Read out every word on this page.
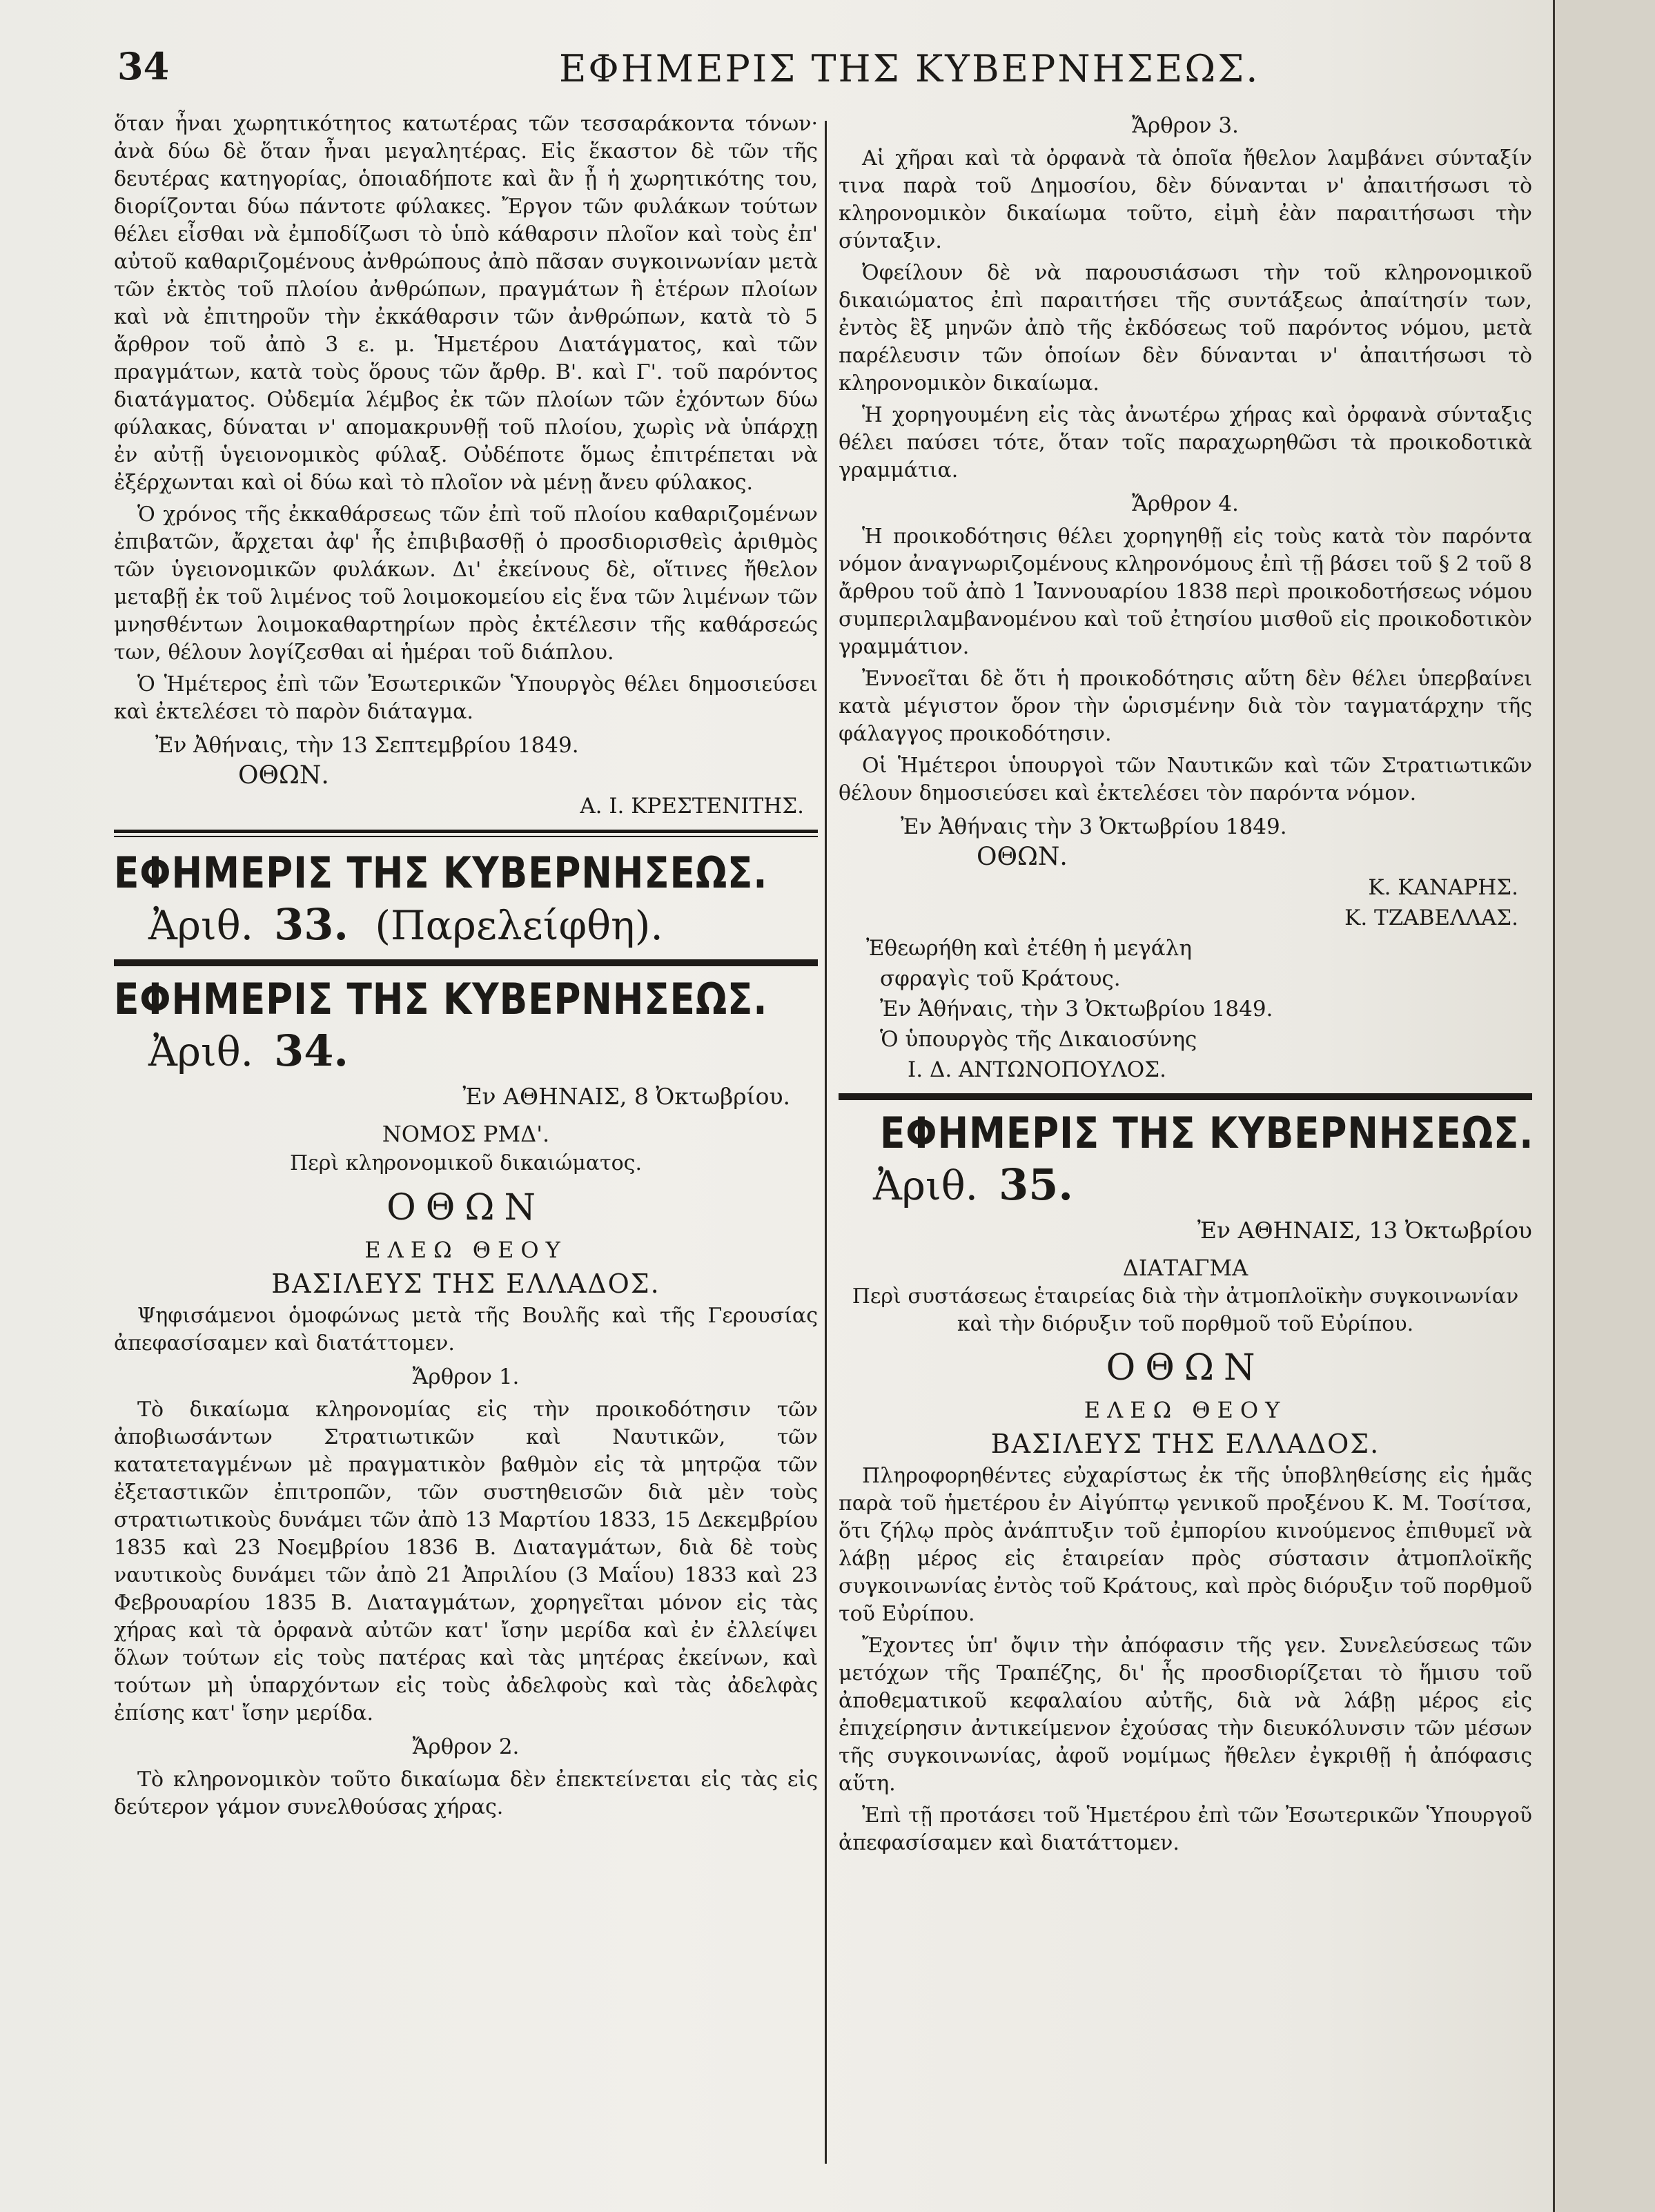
34	ΕΦΗΜΕΡΙΣ ΤΗΣ ΚΥΒΕΡΝΗΣΕΩΣ.

ὅταν ἦναι χωρητικότητος κατωτέρας τῶν τεσσαράκοντα τόνων· ἀνὰ δύω δὲ ὅταν ἦναι μεγαλητέρας. Εἰς ἕκαστον δὲ τῶν τῆς δευτέρας κατηγορίας, ὁποιαδήποτε καὶ ἂν ᾖ ἡ χωρητικότης του, διορίζονται δύω πάντοτε φύλακες. Ἔργον τῶν φυλάκων τούτων θέλει εἶσθαι νὰ ἐμποδίζωσι τὸ ὑπὸ κάθαρσιν πλοῖον καὶ τοὺς ἐπ' αὐτοῦ καθαριζομένους ἀνθρώπους ἀπὸ πᾶσαν συγκοινωνίαν μετὰ τῶν ἐκτὸς τοῦ πλοίου ἀνθρώπων, πραγμάτων ἢ ἑτέρων πλοίων καὶ νὰ ἐπιτηροῦν τὴν ἐκκάθαρσιν τῶν ἀνθρώπων, κατὰ τὸ 5 ἄρθρον τοῦ ἀπὸ 3 ε. μ. Ἡμετέρου Διατάγματος, καὶ τῶν πραγμάτων, κατὰ τοὺς ὅρους τῶν ἄρθρ. Β'. καὶ Γ'. τοῦ παρόντος διατάγματος. Οὐδεμία λέμβος ἐκ τῶν πλοίων τῶν ἐχόντων δύω φύλακας, δύναται ν' απομακρυνθῇ τοῦ πλοίου, χωρὶς νὰ ὑπάρχῃ ἐν αὐτῇ ὑγειονομικὸς φύλαξ. Οὐδέποτε ὅμως ἐπιτρέπεται νὰ ἐξέρχωνται καὶ οἱ δύω καὶ τὸ πλοῖον νὰ μένῃ ἄνευ φύλακος.

Ὁ χρόνος τῆς ἐκκαθάρσεως τῶν ἐπὶ τοῦ πλοίου καθαριζομένων ἐπιβατῶν, ἄρχεται ἀφ' ἧς ἐπιβιβασθῇ ὁ προσδιορισθεὶς ἀριθμὸς τῶν ὑγειονομικῶν φυλάκων. Δι' ἐκείνους δὲ, οἵτινες ἤθελον μεταβῇ ἐκ τοῦ λιμένος τοῦ λοιμοκομείου εἰς ἕνα τῶν λιμένων τῶν μνησθέντων λοιμοκαθαρτηρίων πρὸς ἐκτέλεσιν τῆς καθάρσεώς των, θέλουν λογίζεσθαι αἱ ἡμέραι τοῦ διάπλου.

Ὁ Ἡμέτερος ἐπὶ τῶν Ἐσωτερικῶν Ὑπουργὸς θέλει δημοσιεύσει καὶ ἐκτελέσει τὸ παρὸν διάταγμα.

Ἐν Ἀθήναις, τὴν 13 Σεπτεμβρίου 1849.
ΟΘΩΝ.
Α. Ι. ΚΡΕΣΤΕΝΙΤΗΣ.
ΕΦΗΜΕΡΙΣ ΤΗΣ ΚΥΒΕΡΝΗΣΕΩΣ.
Ἀριθ. 33. (Παρελείφθη).
ΕΦΗΜΕΡΙΣ ΤΗΣ ΚΥΒΕΡΝΗΣΕΩΣ.
Ἀριθ. 34.
Ἐν ΑΘΗΝΑΙΣ, 8 Ὀκτωβρίου.
ΝΟΜΟΣ ΡΜΔ'.
Περὶ κληρονομικοῦ δικαιώματος.
ΟΘΩΝ
ΕΛΕΩ ΘΕΟΥ
ΒΑΣΙΛΕΥΣ ΤΗΣ ΕΛΛΑΔΟΣ.

Ψηφισάμενοι ὁμοφώνως μετὰ τῆς Βουλῆς καὶ τῆς Γερουσίας ἀπεφασίσαμεν καὶ διατάττομεν.

Ἄρθρον 1.

Τὸ δικαίωμα κληρονομίας εἰς τὴν προικοδότησιν τῶν ἀποβιωσάντων Στρατιωτικῶν καὶ Ναυτικῶν, τῶν κατατεταγμένων μὲ πραγματικὸν βαθμὸν εἰς τὰ μητρῷα τῶν ἐξεταστικῶν ἐπιτροπῶν, τῶν συστηθεισῶν διὰ μὲν τοὺς στρατιωτικοὺς δυνάμει τῶν ἀπὸ 13 Μαρτίου 1833, 15 Δεκεμβρίου 1835 καὶ 23 Νοεμβρίου 1836 Β. Διαταγμάτων, διὰ δὲ τοὺς ναυτικοὺς δυνάμει τῶν ἀπὸ 21 Ἀπριλίου (3 Μαΐου) 1833 καὶ 23 Φεβρουαρίου 1835 Β. Διαταγμάτων, χορηγεῖται μόνον εἰς τὰς χήρας καὶ τὰ ὀρφανὰ αὐτῶν κατ' ἴσην μερίδα καὶ ἐν ἐλλείψει ὅλων τούτων εἰς τοὺς πατέρας καὶ τὰς μητέρας ἐκείνων, καὶ τούτων μὴ ὑπαρχόντων εἰς τοὺς ἀδελφοὺς καὶ τὰς ἀδελφὰς ἐπίσης κατ' ἴσην μερίδα.

Ἄρθρον 2.

Τὸ κληρονομικὸν τοῦτο δικαίωμα δὲν ἐπεκτείνεται εἰς τὰς εἰς δεύτερον γάμον συνελθούσας χήρας.

Ἄρθρον 3.

Αἱ χῆραι καὶ τὰ ὀρφανὰ τὰ ὁποῖα ἤθελον λαμβάνει σύνταξίν τινα παρὰ τοῦ Δημοσίου, δὲν δύνανται ν' ἀπαιτήσωσι τὸ κληρονομικὸν δικαίωμα τοῦτο, εἰμὴ ἐὰν παραιτήσωσι τὴν σύνταξιν.

Ὀφείλουν δὲ νὰ παρουσιάσωσι τὴν τοῦ κληρονομικοῦ δικαιώματος ἐπὶ παραιτήσει τῆς συντάξεως ἀπαίτησίν των, ἐντὸς ἓξ μηνῶν ἀπὸ τῆς ἐκδόσεως τοῦ παρόντος νόμου, μετὰ παρέλευσιν τῶν ὁποίων δὲν δύνανται ν' ἀπαιτήσωσι τὸ κληρονομικὸν δικαίωμα.

Ἡ χορηγουμένη εἰς τὰς ἀνωτέρω χήρας καὶ ὀρφανὰ σύνταξις θέλει παύσει τότε, ὅταν τοῖς παραχωρηθῶσι τὰ προικοδοτικὰ γραμμάτια.

Ἄρθρον 4.

Ἡ προικοδότησις θέλει χορηγηθῇ εἰς τοὺς κατὰ τὸν παρόντα νόμον ἀναγνωριζομένους κληρονόμους ἐπὶ τῇ βάσει τοῦ § 2 τοῦ 8 ἄρθρου τοῦ ἀπὸ 1 Ἰαννουαρίου 1838 περὶ προικοδοτήσεως νόμου συμπεριλαμβανομένου καὶ τοῦ ἐτησίου μισθοῦ εἰς προικοδοτικὸν γραμμάτιον.

Ἐννοεῖται δὲ ὅτι ἡ προικοδότησις αὕτη δὲν θέλει ὑπερβαίνει κατὰ μέγιστον ὅρον τὴν ὡρισμένην διὰ τὸν ταγματάρχην τῆς φάλαγγος προικοδότησιν.

Οἱ Ἡμέτεροι ὑπουργοὶ τῶν Ναυτικῶν καὶ τῶν Στρατιωτικῶν θέλουν δημοσιεύσει καὶ ἐκτελέσει τὸν παρόντα νόμον.

Ἐν Ἀθήναις τὴν 3 Ὀκτωβρίου 1849.
ΟΘΩΝ.
Κ. ΚΑΝΑΡΗΣ.
Κ. ΤΖΑΒΕΛΛΑΣ.
Ἐθεωρήθη καὶ ἐτέθη ἡ μεγάλη
σφραγὶς τοῦ Κράτους.
Ἐν Ἀθήναις, τὴν 3 Ὀκτωβρίου 1849.
Ὁ ὑπουργὸς τῆς Δικαιοσύνης
Ι. Δ. ΑΝΤΩΝΟΠΟΥΛΟΣ.
ΕΦΗΜΕΡΙΣ ΤΗΣ ΚΥΒΕΡΝΗΣΕΩΣ.
Ἀριθ. 35.
Ἐν ΑΘΗΝΑΙΣ, 13 Ὀκτωβρίου
ΔΙΑΤΑΓΜΑ
Περὶ συστάσεως ἑταιρείας διὰ τὴν ἀτμοπλοϊκὴν συγκοινωνίαν καὶ τὴν διόρυξιν τοῦ πορθμοῦ τοῦ Εὐρίπου.
ΟΘΩΝ
ΕΛΕΩ ΘΕΟΥ
ΒΑΣΙΛΕΥΣ ΤΗΣ ΕΛΛΑΔΟΣ.

Πληροφορηθέντες εὐχαρίστως ἐκ τῆς ὑποβληθείσης εἰς ἡμᾶς παρὰ τοῦ ἡμετέρου ἐν Αἰγύπτῳ γενικοῦ προξένου Κ. Μ. Τοσίτσα, ὅτι ζήλῳ πρὸς ἀνάπτυξιν τοῦ ἐμπορίου κινούμενος ἐπιθυμεῖ νὰ λάβῃ μέρος εἰς ἑταιρείαν πρὸς σύστασιν ἀτμοπλοϊκῆς συγκοινωνίας ἐντὸς τοῦ Κράτους, καὶ πρὸς διόρυξιν τοῦ πορθμοῦ τοῦ Εὐρίπου.

Ἔχοντες ὑπ' ὄψιν τὴν ἀπόφασιν τῆς γεν. Συνελεύσεως τῶν μετόχων τῆς Τραπέζης, δι' ἧς προσδιορίζεται τὸ ἥμισυ τοῦ ἀποθεματικοῦ κεφαλαίου αὐτῆς, διὰ νὰ λάβῃ μέρος εἰς ἐπιχείρησιν ἀντικείμενον ἐχούσας τὴν διευκόλυνσιν τῶν μέσων τῆς συγκοινωνίας, ἀφοῦ νομίμως ἤθελεν ἐγκριθῇ ἡ ἀπόφασις αὕτη.

Ἐπὶ τῇ προτάσει τοῦ Ἡμετέρου ἐπὶ τῶν Ἐσωτερικῶν Ὑπουργοῦ ἀπεφασίσαμεν καὶ διατάττομεν.
